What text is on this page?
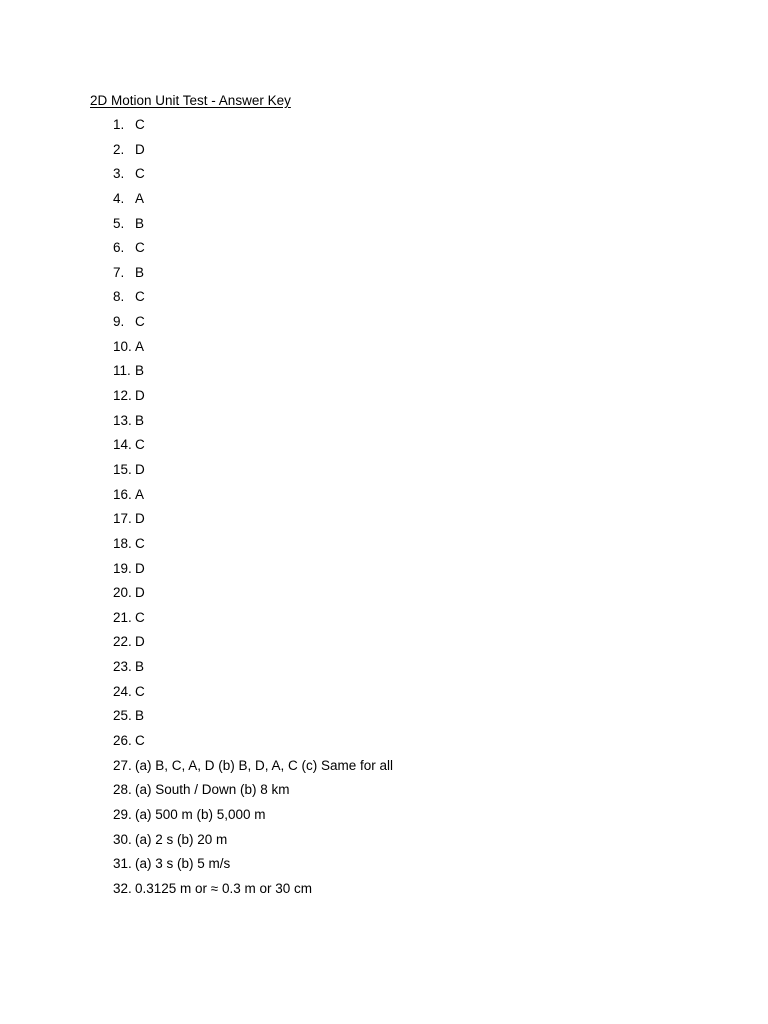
2D Motion Unit Test - Answer Key
1. C
2. D
3. C
4. A
5. B
6. C
7. B
8. C
9. C
10. A
11. B
12. D
13. B
14. C
15. D
16. A
17. D
18. C
19. D
20. D
21. C
22. D
23. B
24. C
25. B
26. C
27. (a) B, C, A, D (b) B, D, A, C (c) Same for all
28. (a) South / Down (b) 8 km
29. (a) 500 m (b) 5,000 m
30. (a) 2 s (b) 20 m
31. (a) 3 s (b) 5 m/s
32. 0.3125 m or ≈ 0.3 m or 30 cm
